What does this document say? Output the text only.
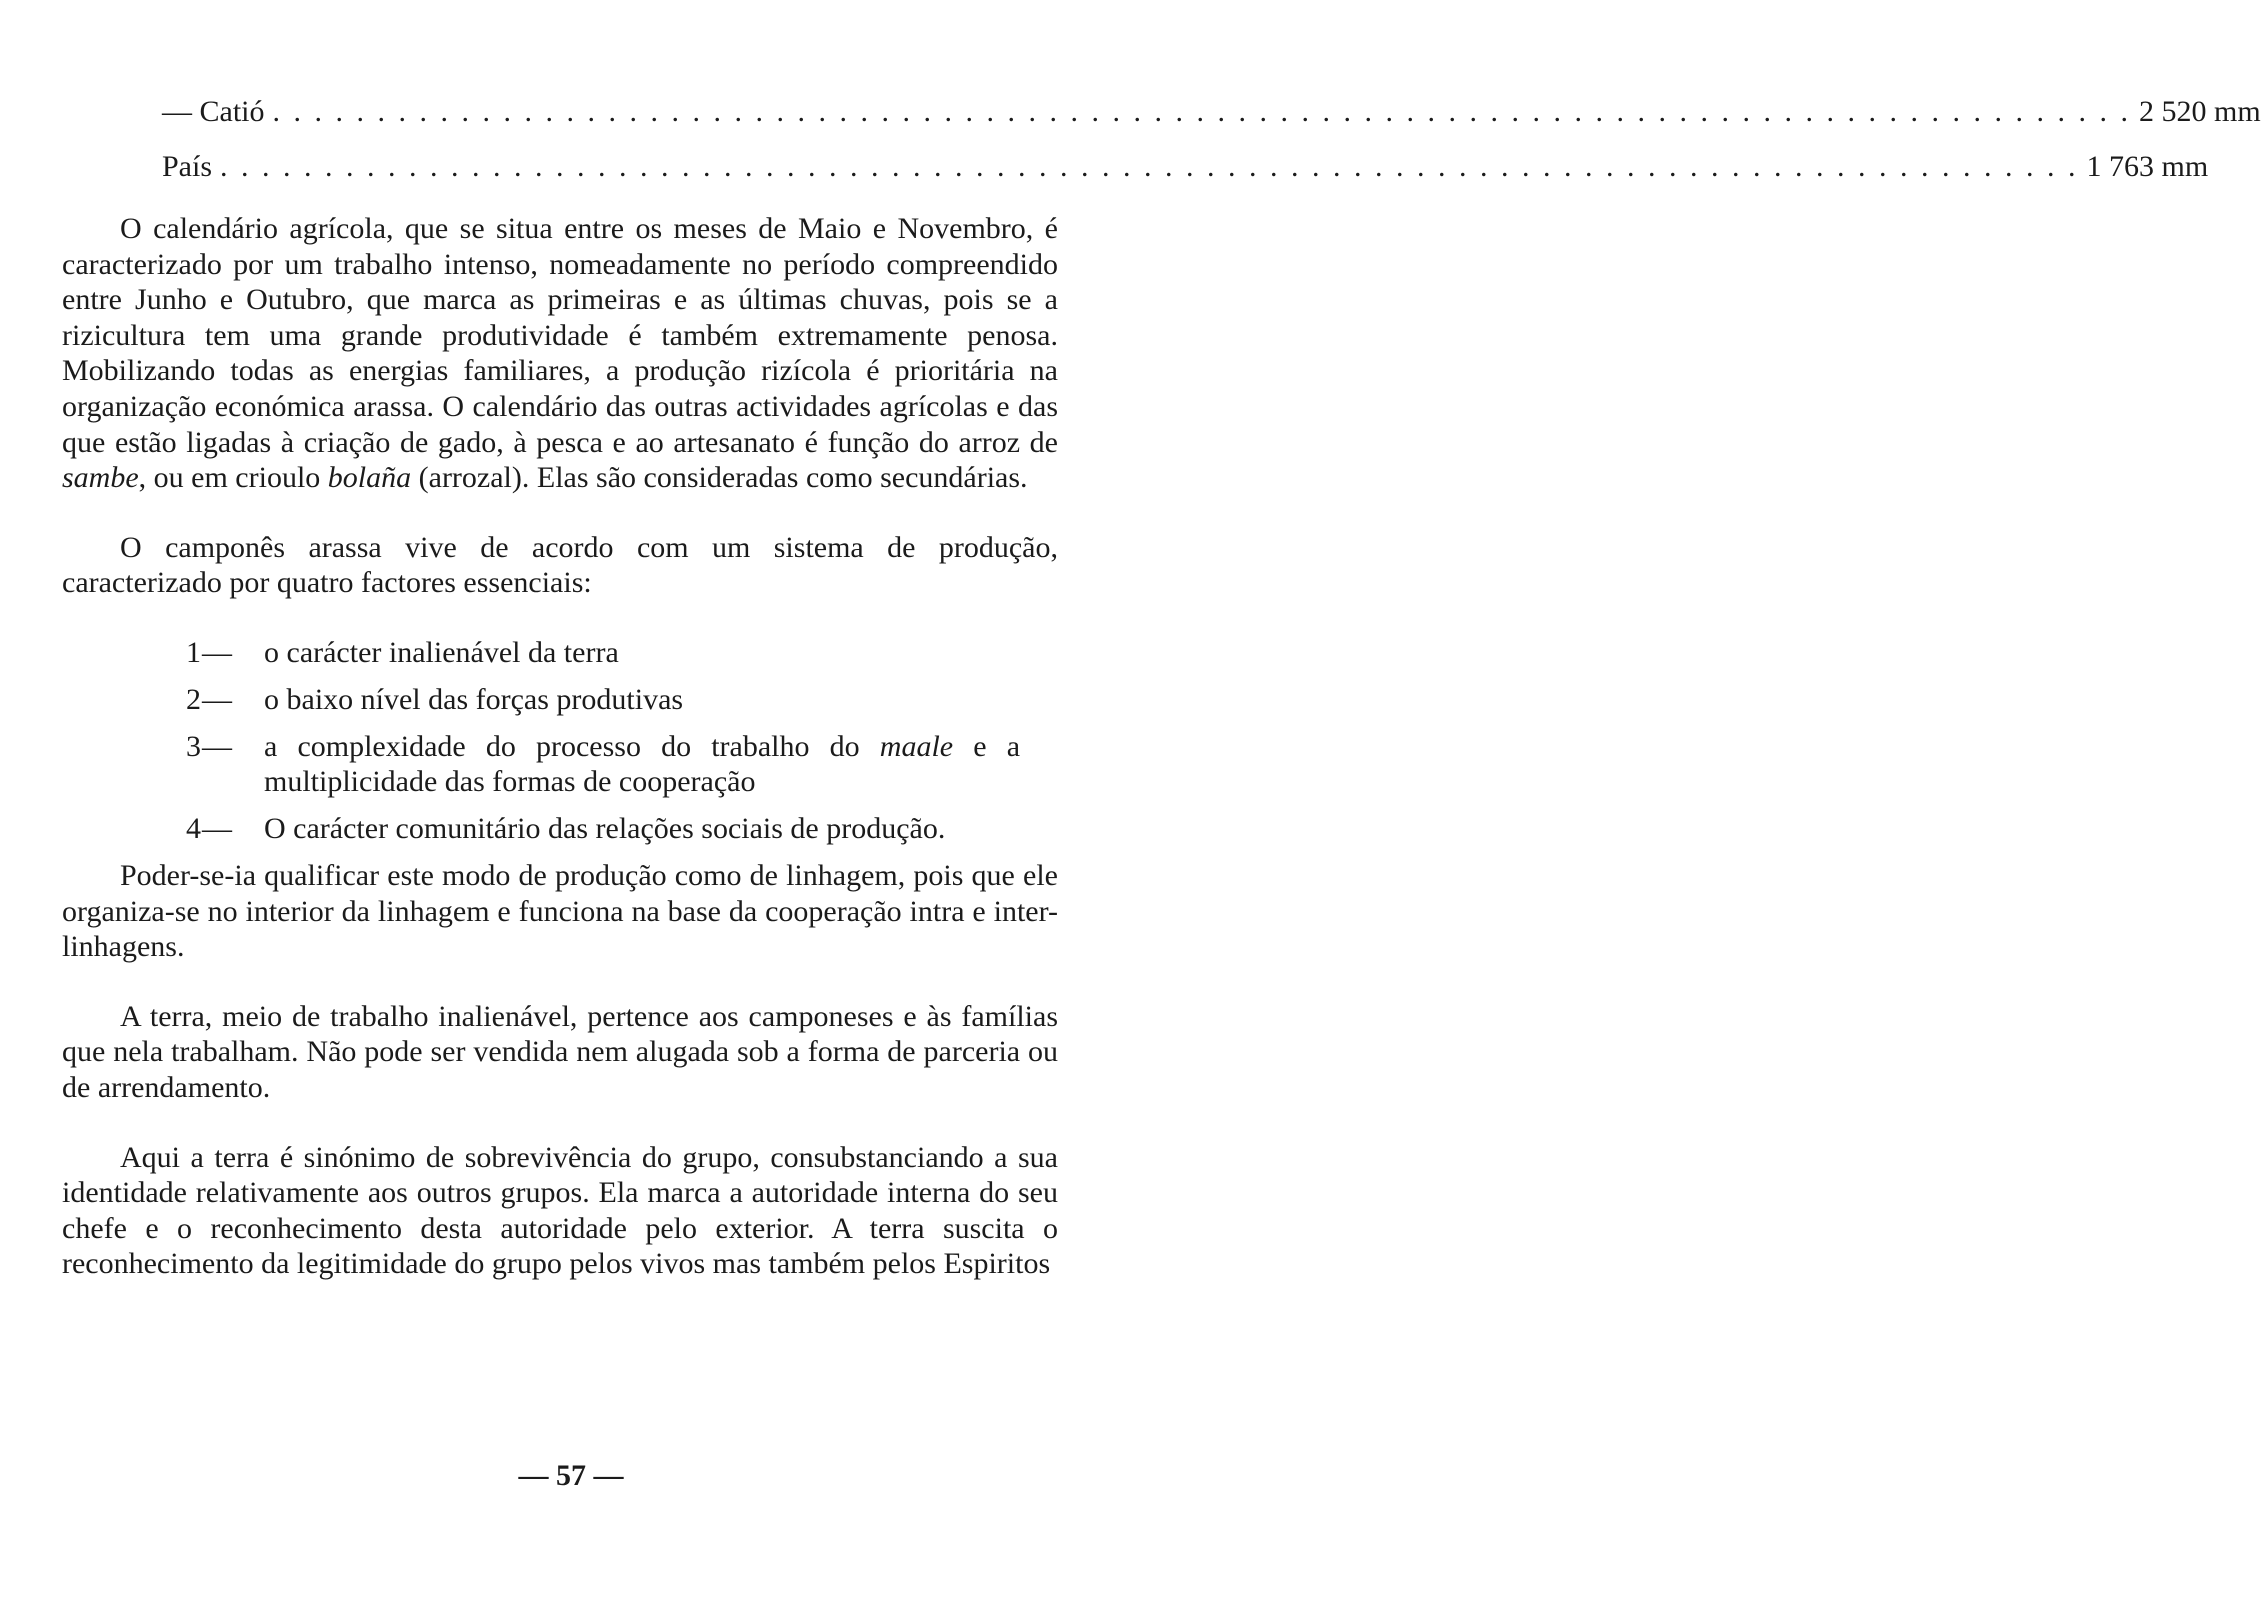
— Catió . . . . . . . . . . . . . . . . . . . . . . . . . . . . . . . . . . . . . . . . . . . . . . . . . . . . . . . . . . . . . . . . . . . . . . . . . . . . . . . . . . . . . . . . . 2 520 mm
País . . . . . . . . . . . . . . . . . . . . . . . . . . . . . . . . . . . . . . . . . . . . . . . . . . . . . . . . . . . . . . . . . . . . . . . . . . . . . . . . . . . . . . . . . 1 763 mm

O calendário agrícola, que se situa entre os meses de Maio e Novembro, é caracterizado por um trabalho intenso, nomeadamente no período compreendido entre Junho e Outubro, que marca as primeiras e as últimas chuvas, pois se a rizicultura tem uma grande produtividade é também extremamente penosa. Mobilizando todas as energias familiares, a produção rizícola é prioritária na organização económica arassa. O calendário das outras actividades agrícolas e das que estão ligadas à criação de gado, à pesca e ao artesanato é função do arroz de sambe, ou em crioulo bolaña (arrozal). Elas são consideradas como secundárias.

O camponês arassa vive de acordo com um sistema de produção, caracterizado por quatro factores essenciais:

1 —	o carácter inalienável da terra
2 —	o baixo nível das forças produtivas
3 —	a complexidade do processo do trabalho do maale e a multiplicidade das formas de cooperação
4 —	O carácter comunitário das relações sociais de produção.

Poder-se-ia qualificar este modo de produção como de linhagem, pois que ele organiza-se no interior da linhagem e funciona na base da cooperação intra e inter-linhagens.

A terra, meio de trabalho inalienável, pertence aos camponeses e às famílias que nela trabalham. Não pode ser vendida nem alugada sob a forma de parceria ou de arrendamento.

Aqui a terra é sinónimo de sobrevivência do grupo, consubstanciando a sua identidade relativamente aos outros grupos. Ela marca a autoridade interna do seu chefe e o reconhecimento desta autoridade pelo exterior. A terra suscita o reconhecimento da legitimidade do grupo pelos vivos mas também pelos Espiritos

— 57 —
